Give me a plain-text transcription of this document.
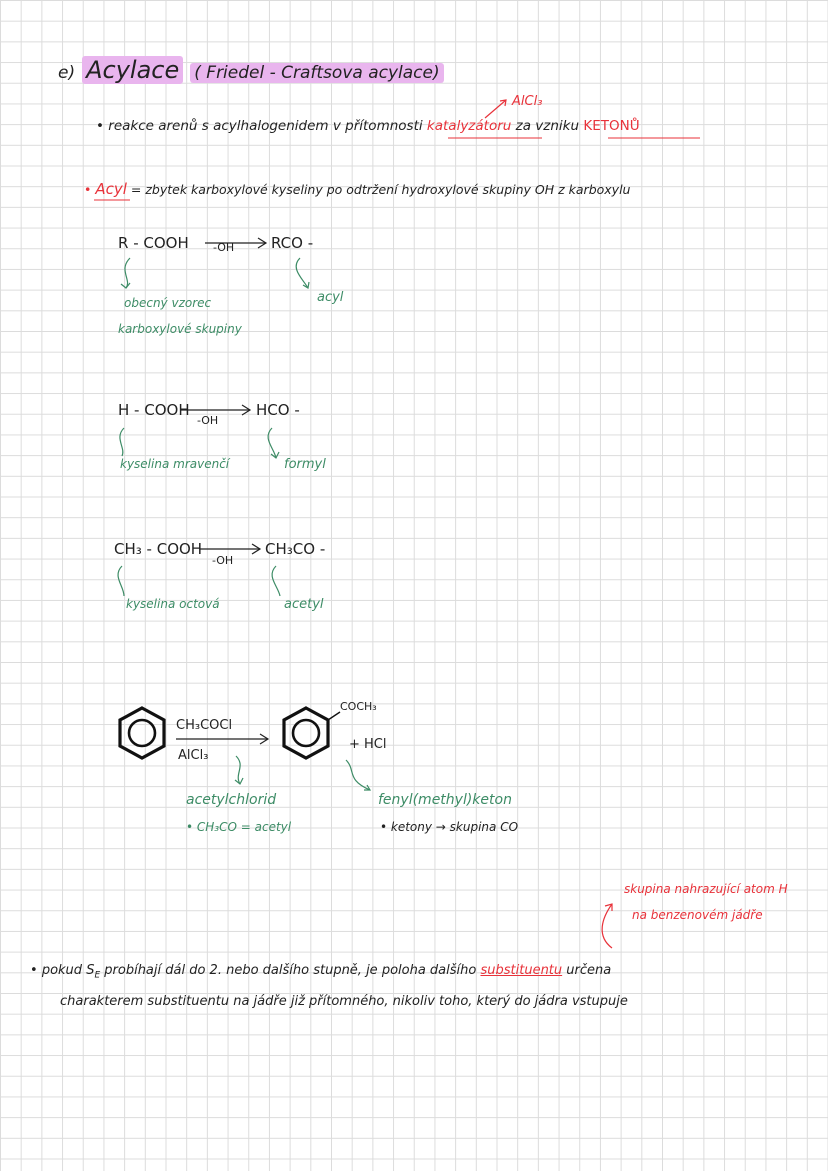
e) Acylace ( Friedel - Craftsova acylace)
AlCl₃
• reakce arenů s acylhalogenidem v přítomnosti katalyzátoru za vzniku KETONŮ
• Acyl = zbytek karboxylové kyseliny po odtržení hydroxylové skupiny OH z karboxylu
R - COOH -OH RCO -
obecný vzorec
karboxylové skupiny
acyl
H - COOH
-OH
HCO -
kyselina mravenčí	formyl
CH₃ - COOH
-OH
CH₃CO -
kyselina octová	acetyl
CH₃COCl
AlCl₃
COCH₃
+ HCl
acetylchlorid
• CH₃CO = acetyl
fenyl(methyl)keton
• ketony → skupina CO
skupina nahrazující atom H
na benzenovém jádře
• pokud $S_E$ probíhají dál do 2. nebo dalšího stupně, je poloha dalšího substituentu určena
charakterem substituentu na jádře již přítomného, nikoliv toho, který do jádra vstupuje
